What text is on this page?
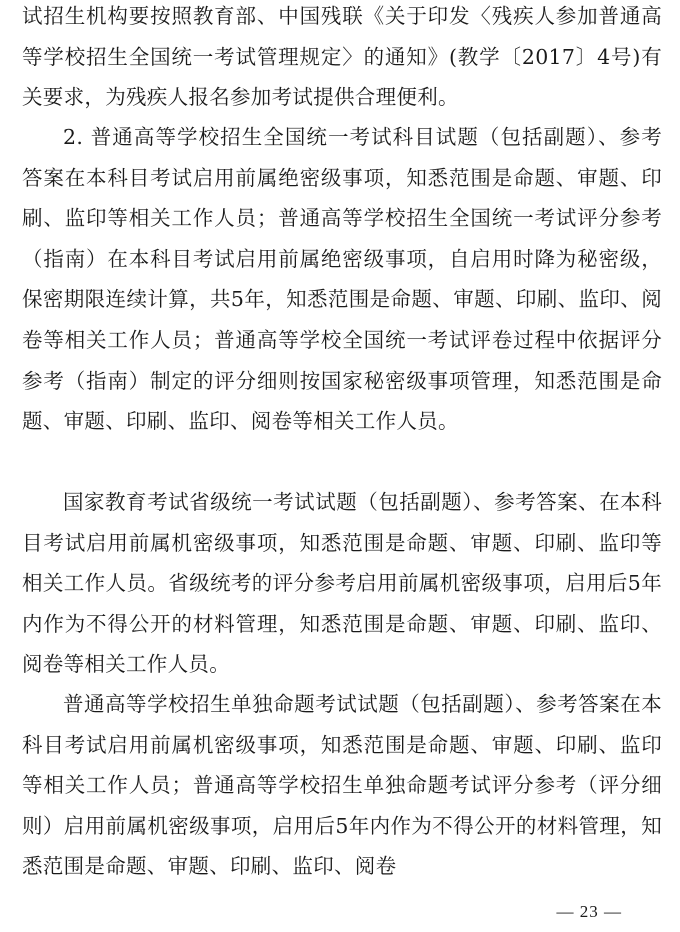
试招生机构要按照教育部、中国残联《关于印发〈残疾人参加普通高等学校招生全国统一考试管理规定〉的通知》(教学〔2017〕4号)有关要求，为残疾人报名参加考试提供合理便利。

2. 普通高等学校招生全国统一考试科目试题（包括副题）、参考答案在本科目考试启用前属绝密级事项，知悉范围是命题、审题、印刷、监印等相关工作人员；普通高等学校招生全国统一考试评分参考（指南）在本科目考试启用前属绝密级事项，自启用时降为秘密级，保密期限连续计算，共5年，知悉范围是命题、审题、印刷、监印、阅卷等相关工作人员；普通高等学校全国统一考试评卷过程中依据评分参考（指南）制定的评分细则按国家秘密级事项管理，知悉范围是命题、审题、印刷、监印、阅卷等相关工作人员。

国家教育考试省级统一考试试题（包括副题）、参考答案、在本科目考试启用前属机密级事项，知悉范围是命题、审题、印刷、监印等相关工作人员。省级统考的评分参考启用前属机密级事项，启用后5年内作为不得公开的材料管理，知悉范围是命题、审题、印刷、监印、阅卷等相关工作人员。

普通高等学校招生单独命题考试试题（包括副题）、参考答案在本科目考试启用前属机密级事项，知悉范围是命题、审题、印刷、监印等相关工作人员；普通高等学校招生单独命题考试评分参考（评分细则）启用前属机密级事项，启用后5年内作为不得公开的材料管理，知悉范围是命题、审题、印刷、监印、阅卷

— 23 —
